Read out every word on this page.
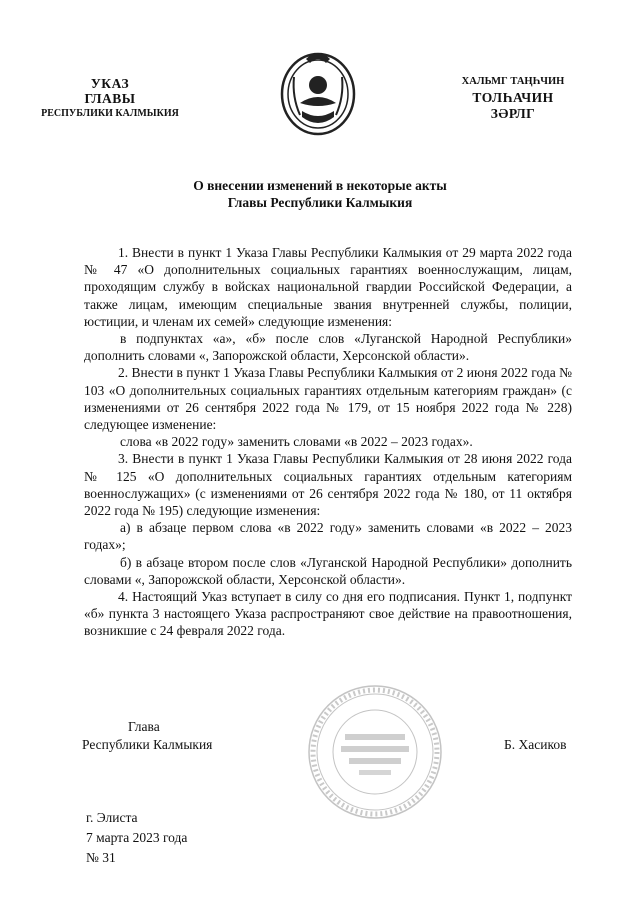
УКАЗ
ГЛАВЫ
РЕСПУБЛИКИ КАЛМЫКИЯ
ХАЛЬМГ ТАҢҺЧИН
ТОЛҺАЧИН
ЗӘРЛГ
О внесении изменений в некоторые акты
Главы Республики Калмыкия

1. Внести в пункт 1 Указа Главы Республики Калмыкия от 29 марта 2022 года № 47 «О дополнительных социальных гарантиях военнослужащим, лицам, проходящим службу в войсках национальной гвардии Российской Федерации, а также лицам, имеющим специальные звания внутренней службы, полиции, юстиции, и членам их семей» следующие изменения:

в подпунктах «а», «б» после слов «Луганской Народной Республики» дополнить словами «, Запорожской области, Херсонской области».

2. Внести в пункт 1 Указа Главы Республики Калмыкия от 2 июня 2022 года № 103 «О дополнительных социальных гарантиях отдельным категориям граждан» (с изменениями от 26 сентября 2022 года № 179, от 15 ноября 2022 года № 228) следующее изменение:

слова «в 2022 году» заменить словами «в 2022 – 2023 годах».

3. Внести в пункт 1 Указа Главы Республики Калмыкия от 28 июня 2022 года № 125 «О дополнительных социальных гарантиях отдельным категориям военнослужащих» (с изменениями от 26 сентября 2022 года № 180, от 11 октября 2022 года № 195) следующие изменения:

а) в абзаце первом слова «в 2022 году» заменить словами «в 2022 – 2023 годах»;

б) в абзаце втором после слов «Луганской Народной Республики» дополнить словами «, Запорожской области, Херсонской области».

4. Настоящий Указ вступает в силу со дня его подписания. Пункт 1, подпункт «б» пункта 3 настоящего Указа распространяют свое действие на правоотношения, возникшие с 24 февраля 2022 года.

Глава
Республики Калмыкия	Б. Хасиков
г. Элиста
7 марта 2023 года
№ 31
